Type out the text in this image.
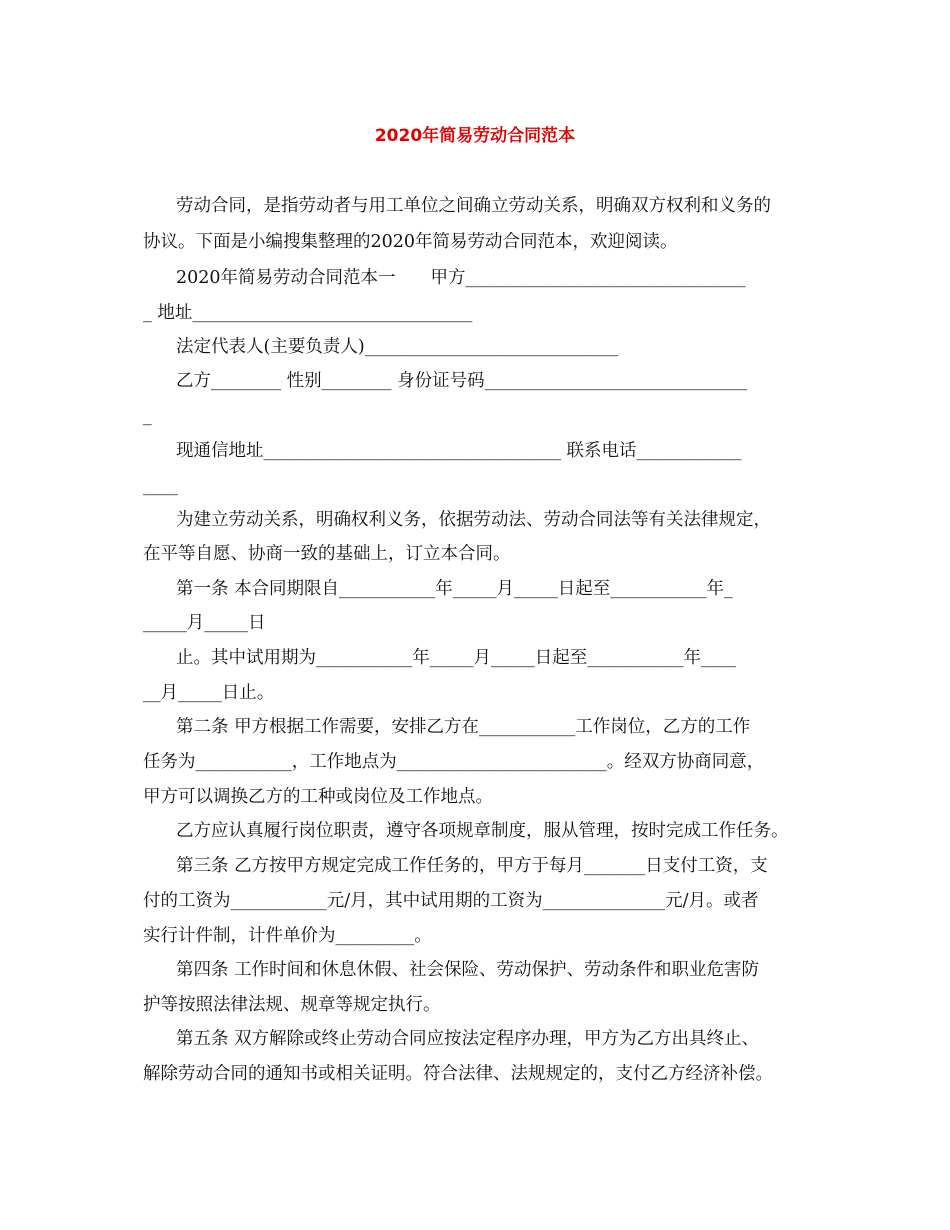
2020年简易劳动合同范本
劳动合同，是指劳动者与用工单位之间确立劳动关系，明确双方权利和义务的
协议。下面是小编搜集整理的2020年简易劳动合同范本，欢迎阅读。
2020年简易劳动合同范本一　　甲方________________________________
_ 地址________________________________
法定代表人(主要负责人)_____________________________
乙方________ 性别________ 身份证号码______________________________
_
现通信地址__________________________________ 联系电话____________
____
为建立劳动关系，明确权利义务，依据劳动法、劳动合同法等有关法律规定，
在平等自愿、协商一致的基础上，订立本合同。
第一条 本合同期限自___________年_____月_____日起至___________年_
_____月_____日
止。其中试用期为___________年_____月_____日起至___________年____
__月_____日止。
第二条 甲方根据工作需要，安排乙方在___________工作岗位，乙方的工作
任务为___________，工作地点为________________________。经双方协商同意，
甲方可以调换乙方的工种或岗位及工作地点。
乙方应认真履行岗位职责，遵守各项规章制度，服从管理，按时完成工作任务。
第三条 乙方按甲方规定完成工作任务的，甲方于每月_______日支付工资，支
付的工资为___________元/月，其中试用期的工资为______________元/月。或者
实行计件制，计件单价为_________。
第四条 工作时间和休息休假、社会保险、劳动保护、劳动条件和职业危害防
护等按照法律法规、规章等规定执行。
第五条 双方解除或终止劳动合同应按法定程序办理，甲方为乙方出具终止、
解除劳动合同的通知书或相关证明。符合法律、法规规定的，支付乙方经济补偿。
